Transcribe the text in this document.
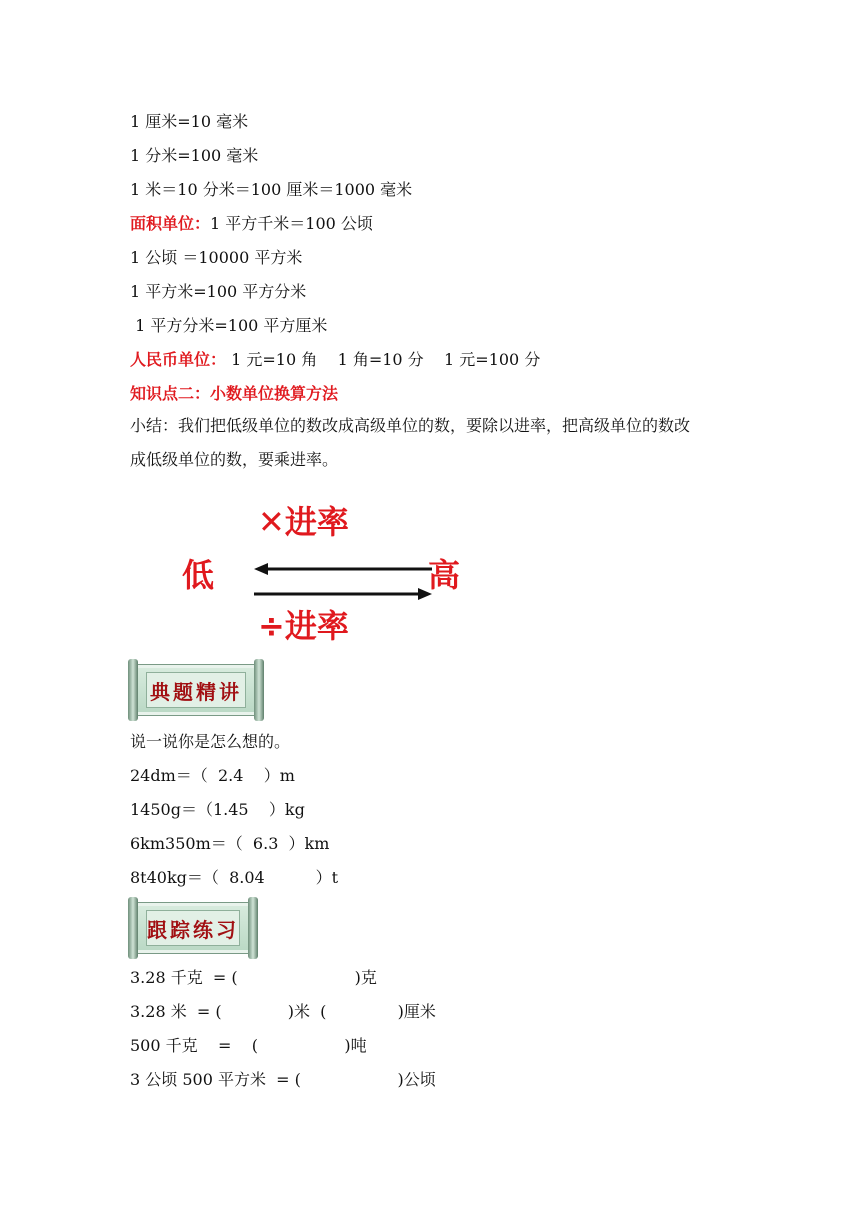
1 厘米=10 毫米
1 分米=100 毫米
1 米＝10 分米＝100 厘米＝1000 毫米
面积单位：1 平方千米＝100 公顷
1 公顷 ＝10000 平方米
1 平方米=100 平方分米
1 平方分米=100 平方厘米
人民币单位： 1 元=10 角    1 角=10 分    1 元=100 分
知识点二：小数单位换算方法
小结：我们把低级单位的数改成高级单位的数，要除以进率，把高级单位的数改
成低级单位的数，要乘进率。
✕进率
低	高
÷进率
典题精讲
说一说你是怎么想的。
24dm＝（  2.4    ）m
1450g＝（1.45    ）kg
6km350m＝（  6.3  ）km
8t40kg＝（  8.04          ）t
跟踪练习
3.28 千克  = (                       )克
3.28 米  = (             )米  (              )厘米
500 千克    =    (                 )吨
3 公顷 500 平方米  = (                   )公顷
